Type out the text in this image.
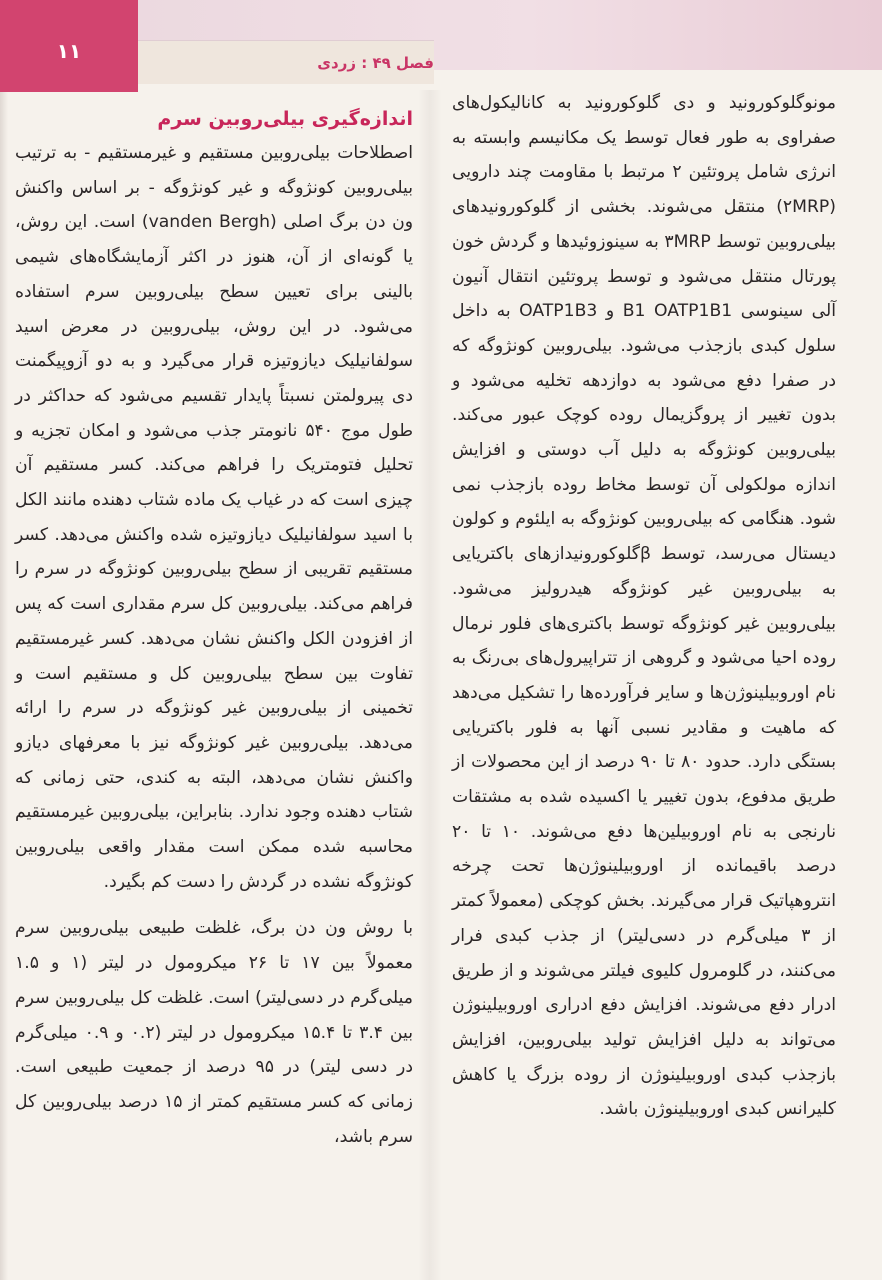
۱۱	فصل ۴۹ : زردی

مونوگلوکورونید و دی گلوکورونید به کانالیکول‌های صفراوی به طور فعال توسط یک مکانیسم وابسته به انرژی شامل پروتئین ۲ مرتبط با مقاومت چند دارویی (۲MRP) منتقل می‌شوند. بخشی از گلوکورونیدهای بیلی‌روبین توسط ۳MRP به سینوزوئیدها و گردش خون پورتال منتقل می‌شود و توسط پروتئین انتقال آنیون آلی سینوسی B1 OATP1B1 و OATP1B3 به داخل سلول کبدی بازجذب می‌شود. بیلی‌روبین کونژوگه که در صفرا دفع می‌شود به دوازدهه تخلیه می‌شود و بدون تغییر از پروگزیمال روده کوچک عبور می‌کند. بیلی‌روبین کونژوگه به دلیل آب دوستی و افزایش اندازه مولکولی آن توسط مخاط روده بازجذب نمی شود. هنگامی که بیلی‌روبین کونژوگه به ایلئوم و کولون دیستال می‌رسد، توسط βگلوکورونیدازهای باکتریایی به بیلی‌روبین غیر کونژوگه هیدرولیز می‌شود. بیلی‌روبین غیر کونژوگه توسط باکتری‌های فلور نرمال روده احیا می‌شود و گروهی از تتراپیرول‌های بی‌رنگ به نام اوروبیلینوژن‌ها و سایر فرآورده‌ها را تشکیل می‌دهد که ماهیت و مقادیر نسبی آنها به فلور باکتریایی بستگی دارد. حدود ۸۰ تا ۹۰ درصد از این محصولات از طریق مدفوع، بدون تغییر یا اکسیده شده به مشتقات نارنجی به نام اوروبیلین‌ها دفع می‌شوند. ۱۰ تا ۲۰ درصد باقیمانده از اوروبیلینوژن‌ها تحت چرخه انتروهپاتیک قرار می‌گیرند. بخش کوچکی (معمولاً کمتر از ۳ میلی‌گرم در دسی‌لیتر) از جذب کبدی فرار می‌کنند، در گلومرول کلیوی فیلتر می‌شوند و از طریق ادرار دفع می‌شوند. افزایش دفع ادراری اوروبیلینوژن می‌تواند به دلیل افزایش تولید بیلی‌روبین، افزایش بازجذب کبدی اوروبیلینوژن از روده بزرگ یا کاهش کلیرانس کبدی اوروبیلینوژن باشد.

اندازه‌گیری بیلی‌روبین سرم

اصطلاحات بیلی‌روبین مستقیم و غیرمستقیم - به ترتیب بیلی‌روبین کونژوگه و غیر کونژوگه - بر اساس واکنش ون دن برگ اصلی (vanden Bergh) است. این روش، یا گونه‌ای از آن، هنوز در اکثر آزمایشگاه‌های شیمی بالینی برای تعیین سطح بیلی‌روبین سرم استفاده می‌شود. در این روش، بیلی‌روبین در معرض اسید سولفانیلیک دیازوتیزه قرار می‌گیرد و به دو آزوپیگمنت دی پیرولمتن نسبتاً پایدار تقسیم می‌شود که حداکثر در طول موج ۵۴۰ نانومتر جذب می‌شود و امکان تجزیه و تحلیل فتومتریک را فراهم می‌کند. کسر مستقیم آن چیزی است که در غیاب یک ماده شتاب دهنده مانند الکل با اسید سولفانیلیک دیازوتیزه شده واکنش می‌دهد. کسر مستقیم تقریبی از سطح بیلی‌روبین کونژوگه در سرم را فراهم می‌کند. بیلی‌روبین کل سرم مقداری است که پس از افزودن الکل واکنش نشان می‌دهد. کسر غیرمستقیم تفاوت بین سطح بیلی‌روبین کل و مستقیم است و تخمینی از بیلی‌روبین غیر کونژوگه در سرم را ارائه می‌دهد. بیلی‌روبین غیر کونژوگه نیز با معرفهای دیازو واکنش نشان می‌دهد، البته به کندی، حتی زمانی که شتاب دهنده وجود ندارد. بنابراین، بیلی‌روبین غیرمستقیم محاسبه شده ممکن است مقدار واقعی بیلی‌روبین کونژوگه نشده در گردش را دست کم بگیرد.

با روش ون دن برگ، غلظت طبیعی بیلی‌روبین سرم معمولاً بین ۱۷ تا ۲۶ میکرومول در لیتر (۱ و ۱.۵ میلی‌گرم در دسی‌لیتر) است. غلظت کل بیلی‌روبین سرم بین ۳.۴ تا ۱۵.۴ میکرومول در لیتر (۰.۲ و ۰.۹ میلی‌گرم در دسی لیتر) در ۹۵ درصد از جمعیت طبیعی است. زمانی که کسر مستقیم کمتر از ۱۵ درصد بیلی‌روبین کل سرم باشد،
